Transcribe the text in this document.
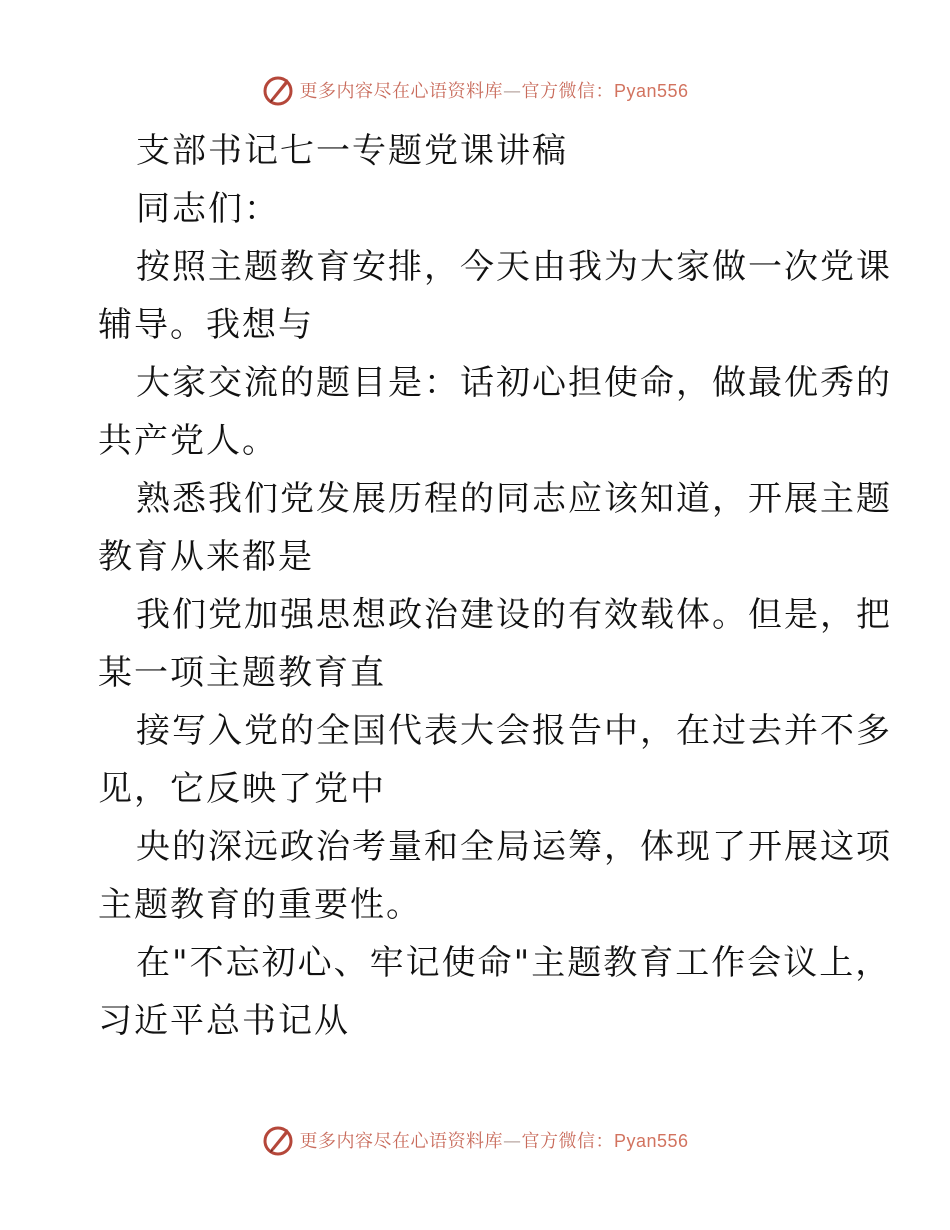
更多内容尽在心语资料库—官方微信：Pyan556
支部书记七一专题党课讲稿
同志们：
按照主题教育安排，今天由我为大家做一次党课
辅导。我想与
大家交流的题目是：话初心担使命，做最优秀的
共产党人。
熟悉我们党发展历程的同志应该知道，开展主题
教育从来都是
我们党加强思想政治建设的有效载体。但是，把
某一项主题教育直
接写入党的全国代表大会报告中，在过去并不多
见，它反映了党中
央的深远政治考量和全局运筹，体现了开展这项
主题教育的重要性。
在"不忘初心、牢记使命"主题教育工作会议上，
习近平总书记从
更多内容尽在心语资料库—官方微信：Pyan556
